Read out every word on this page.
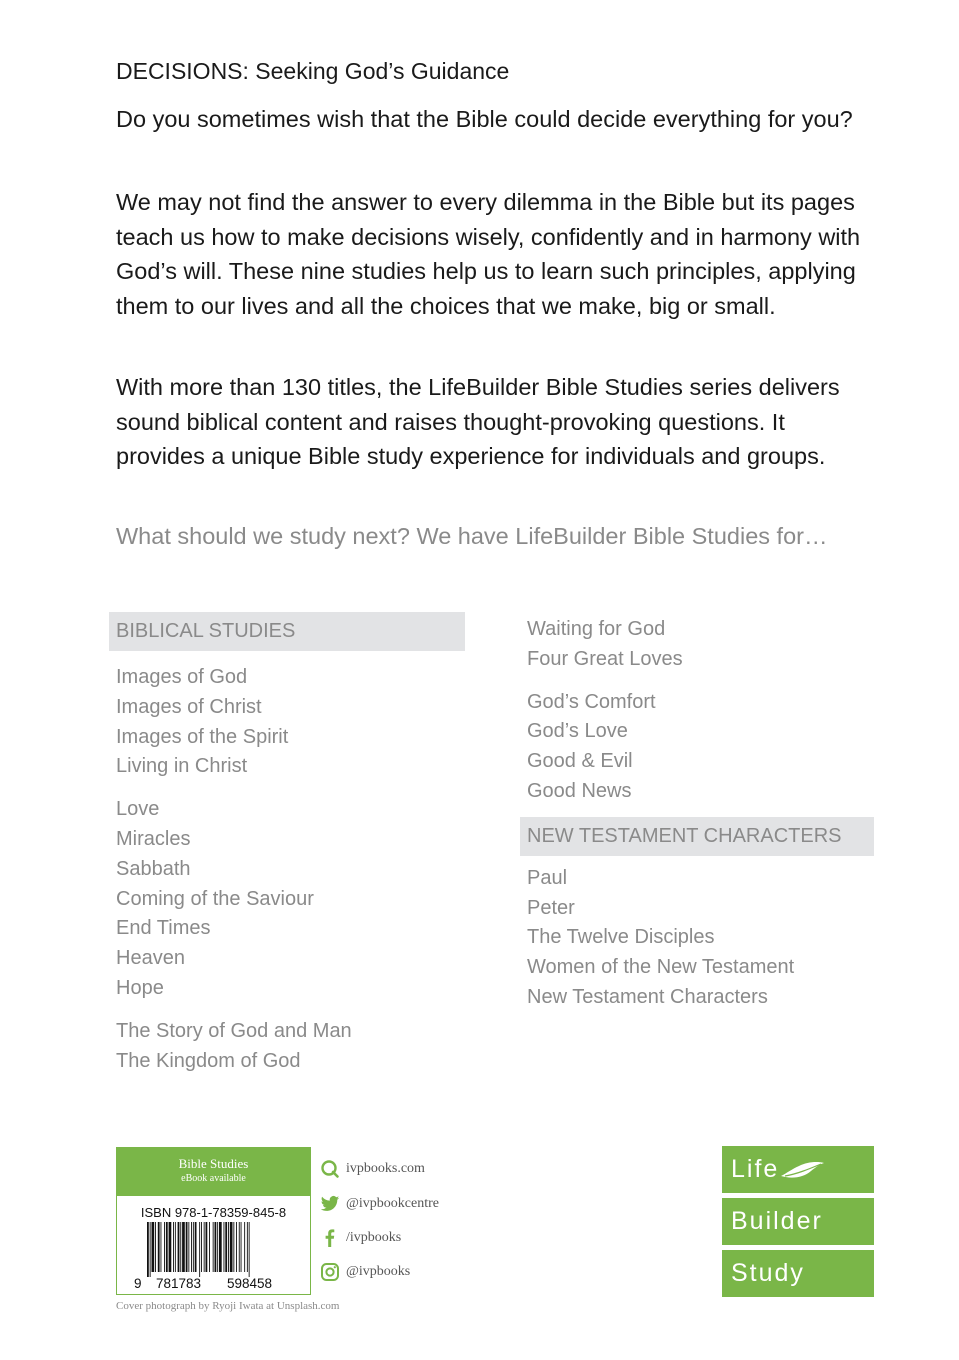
DECISIONS: Seeking God’s Guidance

Do you sometimes wish that the Bible could decide everything for you?

We may not find the answer to every dilemma in the Bible but its pages teach us how to make decisions wisely, confidently and in harmony with God’s will. These nine studies help us to learn such principles, applying them to our lives and all the choices that we make, big or small.

With more than 130 titles, the LifeBuilder Bible Studies series delivers sound biblical content and raises thought-provoking questions. It provides a unique Bible study experience for individuals and groups.

What should we study next? We have LifeBuilder Bible Studies for…

BIBLICAL STUDIES
Images of God
Images of Christ
Images of the Spirit
Living in Christ
Love
Miracles
Sabbath
Coming of the Saviour
End Times
Heaven
Hope
The Story of God and Man
The Kingdom of God
Waiting for God
Four Great Loves
God’s Comfort
God’s Love
Good & Evil
Good News
NEW TESTAMENT CHARACTERS
Paul
Peter
The Twelve Disciples
Women of the New Testament
New Testament Characters
Bible Studies
eBook available
ISBN 978-1-78359-845-8
9 781783 598458
Cover photograph by Ryoji Iwata at Unsplash.com
ivpbooks.com
@ivpbookcentre
/ivpbooks
@ivpbooks
Life
Builder
Study
